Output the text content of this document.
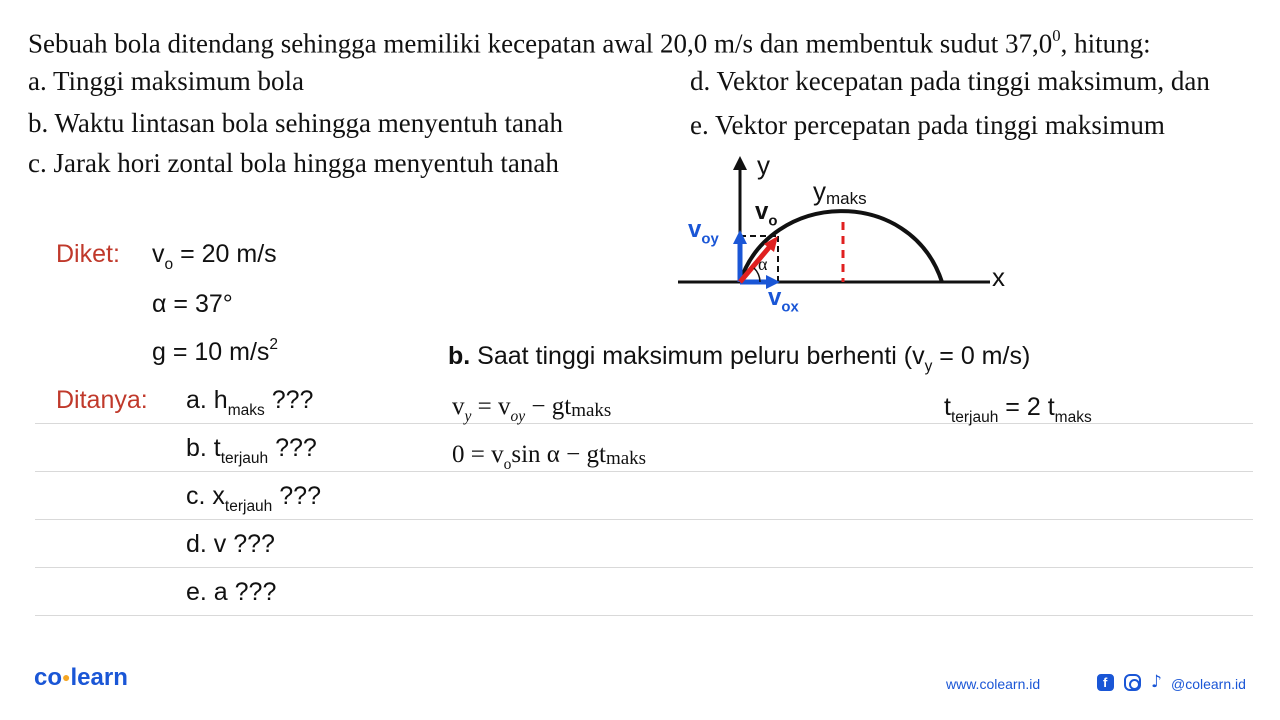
Sebuah bola ditendang sehingga memiliki kecepatan awal 20,0 m/s dan membentuk sudut 37,0$^0$, hitung:
a. Tinggi maksimum bola
b. Waktu lintasan bola sehingga menyentuh tanah
c. Jarak hori zontal bola hingga menyentuh tanah
d. Vektor kecepatan pada tinggi maksimum, dan
e. Vektor percepatan pada tinggi maksimum
y
$y_{maks}$
$v_o$
$v_{oy}$
$v_{ox}$
α	x
Diket: $v_o = 20$ m/s
α = 37°
g = 10 $m/s^2$
Ditanya: a. $h_{maks}$ ???
b. $t_{terjauh}$ ???
c. $x_{terjauh}$ ???
d. v ???
e. a ???
b. Saat tinggi maksimum peluru berhenti ($v_y = 0$ m/s)
$v_y = v_{oy} - gt_{maks}$
$0 = v_o\sin$ $\alpha - gt_{maks}$
$t_{terjauh} = 2$ $t_{maks}$
co●learn	www.colearn.id	f
	♪ @colearn.id
